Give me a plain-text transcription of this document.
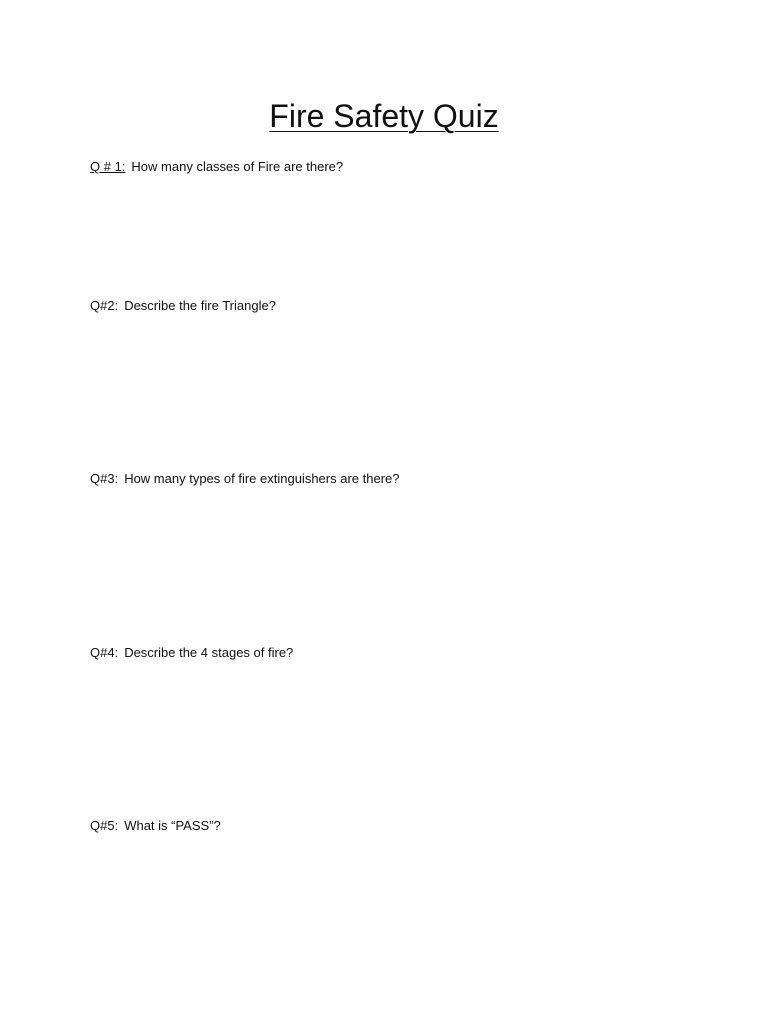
Fire Safety Quiz
Q # 1: How many classes of Fire are there?
Q#2: Describe the fire Triangle?
Q#3: How many types of fire extinguishers are there?
Q#4: Describe the 4 stages of fire?
Q#5: What is “PASS”?
